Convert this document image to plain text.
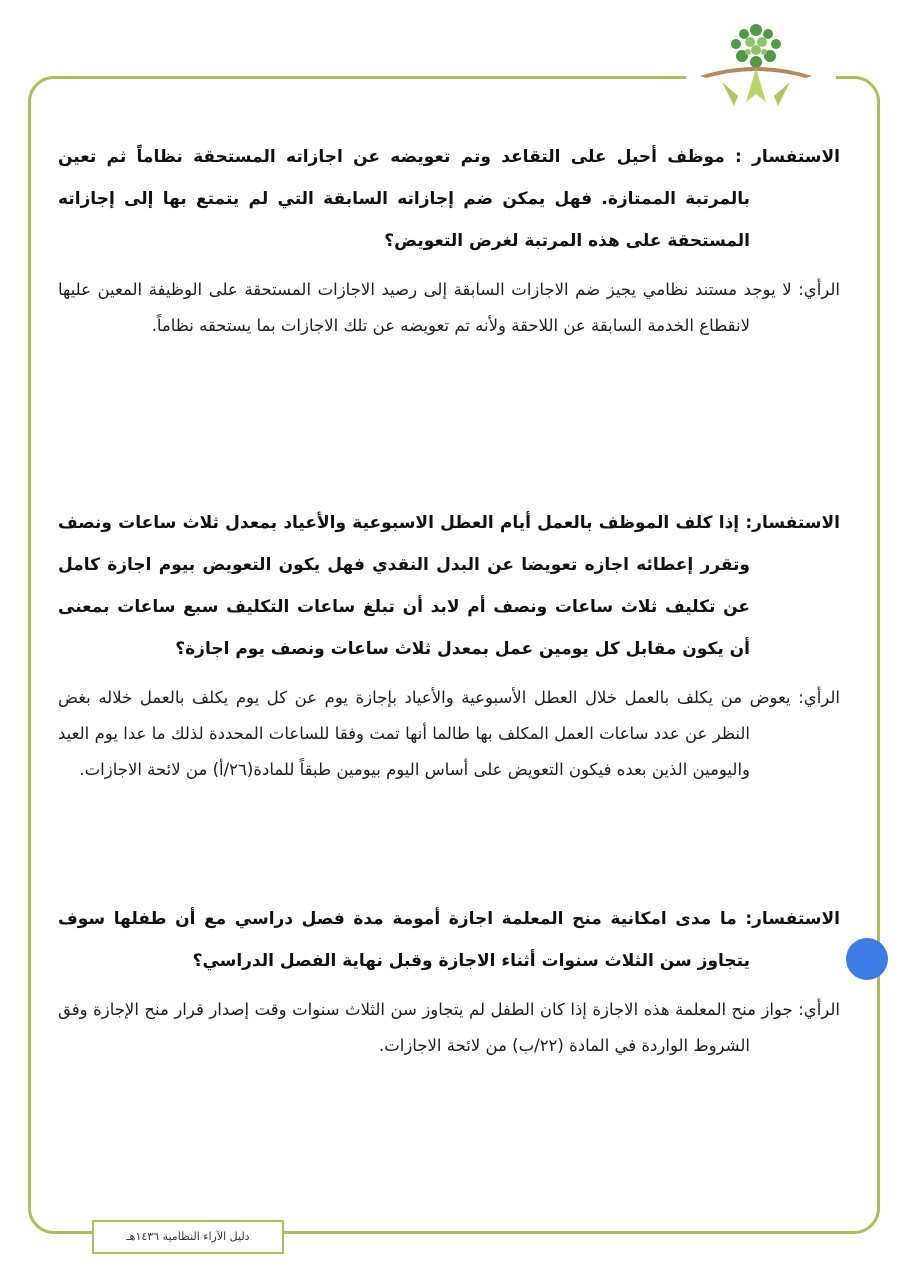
الاستفسار : موظف أحيل على التقاعد وتم تعويضه عن اجازاته المستحقة نظاماً ثم تعين بالمرتبة الممتازة. فهل يمكن ضم إجازاته السابقة التي لم يتمتع بها إلى إجازاته المستحقة على هذه المرتبة لغرض التعويض؟

الرأي: لا يوجد مستند نظامي يجيز ضم الاجازات السابقة إلى رصيد الاجازات المستحقة على الوظيفة المعين عليها لانقطاع الخدمة السابقة عن اللاحقة ولأنه تم تعويضه عن تلك الاجازات بما يستحقه نظاماً.

الاستفسار: إذا كلف الموظف بالعمل أيام العطل الاسبوعية والأعياد بمعدل ثلاث ساعات ونصف وتقرر إعطائه اجازه تعويضا عن البدل النقدي فهل يكون التعويض بيوم اجازة كامل عن تكليف ثلاث ساعات ونصف أم لابد أن تبلغ ساعات التكليف سبع ساعات بمعنى أن يكون مقابل كل يومين عمل بمعدل ثلاث ساعات ونصف يوم اجازة؟

الرأي: يعوض من يكلف بالعمل خلال العطل الأسبوعية والأعياد بإجازة يوم عن كل يوم يكلف بالعمل خلاله بغض النظر عن عدد ساعات العمل المكلف بها طالما أنها تمت وفقا للساعات المحددة لذلك ما عدا يوم العيد واليومين الذين بعده فيكون التعويض على أساس اليوم بيومين طبقاً للمادة(٢٦/أ) من لائحة الاجازات.

الاستفسار: ما مدى امكانية منح المعلمة اجازة أمومة مدة فصل دراسي مع أن طفلها سوف يتجاوز سن الثلاث سنوات أثناء الاجازة وقبل نهاية الفصل الدراسي؟

الرأي: جواز منح المعلمة هذه الاجازة إذا كان الطفل لم يتجاوز سن الثلاث سنوات وقت إصدار قرار منح الإجازة وفق الشروط الواردة في المادة (٢٢/ب) من لائحة الاجازات.

دليل الآراء النظامية ١٤٣٦هـ
